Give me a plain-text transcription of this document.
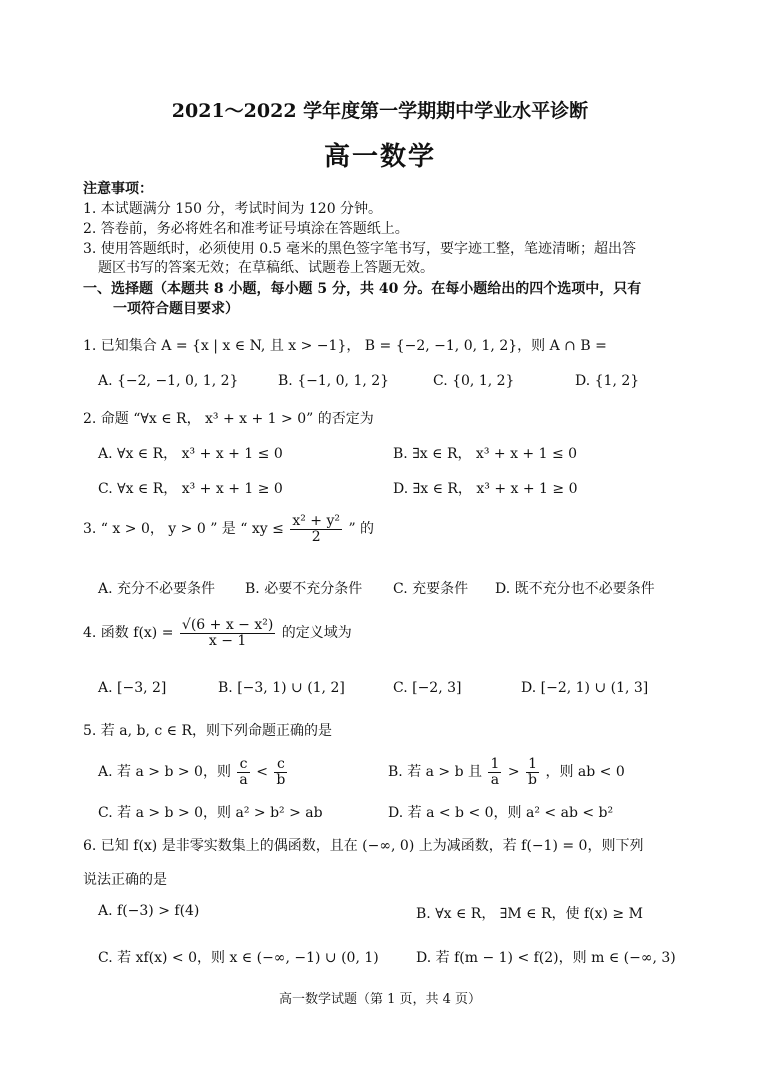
2021～2022 学年度第一学期期中学业水平诊断
高一数学
注意事项：
1. 本试题满分 150 分，考试时间为 120 分钟。
2. 答卷前，务必将姓名和准考证号填涂在答题纸上。
3. 使用答题纸时，必须使用 0.5 毫米的黑色签字笔书写，要字迹工整，笔迹清晰；超出答
题区书写的答案无效；在草稿纸、试题卷上答题无效。
一、选择题（本题共 8 小题，每小题 5 分，共 40 分。在每小题给出的四个选项中，只有
一项符合题目要求）
1. 已知集合 A = {x | x ∈ N, 且 x > −1}， B = {−2, −1, 0, 1, 2}，则 A ∩ B =
A. {−2, −1, 0, 1, 2}	B. {−1, 0, 1, 2}	C. {0, 1, 2}	D. {1, 2}
2. 命题 “∀x ∈ R， x³ + x + 1 > 0” 的否定为
A. ∀x ∈ R， x³ + x + 1 ≤ 0	B. ∃x ∈ R， x³ + x + 1 ≤ 0
C. ∀x ∈ R， x³ + x + 1 ≥ 0	D. ∃x ∈ R， x³ + x + 1 ≥ 0
3. “ x > 0， y > 0 ” 是 “ xy ≤ $\frac{\text{x² + y²}}{2}$ ” 的
A. 充分不必要条件 B. 必要不充分条件 C. 充要条件 D. 既不充分也不必要条件
4. 函数 $f(x) = \frac{\text{√(6 + x − x²)}}{x - 1}$ 的定义域为
A. [−3, 2]	B. [−3, 1) ∪ (1, 2]	C. [−2, 3]	D. [−2, 1) ∪ (1, 3]
5. 若 a, b, c ∈ R，则下列命题正确的是
A. 若 a > b > 0，则 $\frac{c}{a} < \frac{c}{b}$	B. 若 a > b 且 $\frac{1}{a} > \frac{1}{b}$ ，则 ab < 0
C. 若 a > b > 0，则 a² > b² > ab	D. 若 a < b < 0，则 a² < ab < b²
6. 已知 f(x) 是非零实数集上的偶函数，且在 (−∞, 0) 上为减函数，若 f(−1) = 0，则下列
说法正确的是
A. f(−3) > f(4)	B. ∀x ∈ R， ∃M ∈ R，使 f(x) ≥ M
C. 若 xf(x) < 0，则 x ∈ (−∞, −1) ∪ (0, 1)	D. 若 f(m − 1) < f(2)，则 m ∈ (−∞, 3)
高一数学试题（第 1 页，共 4 页）
